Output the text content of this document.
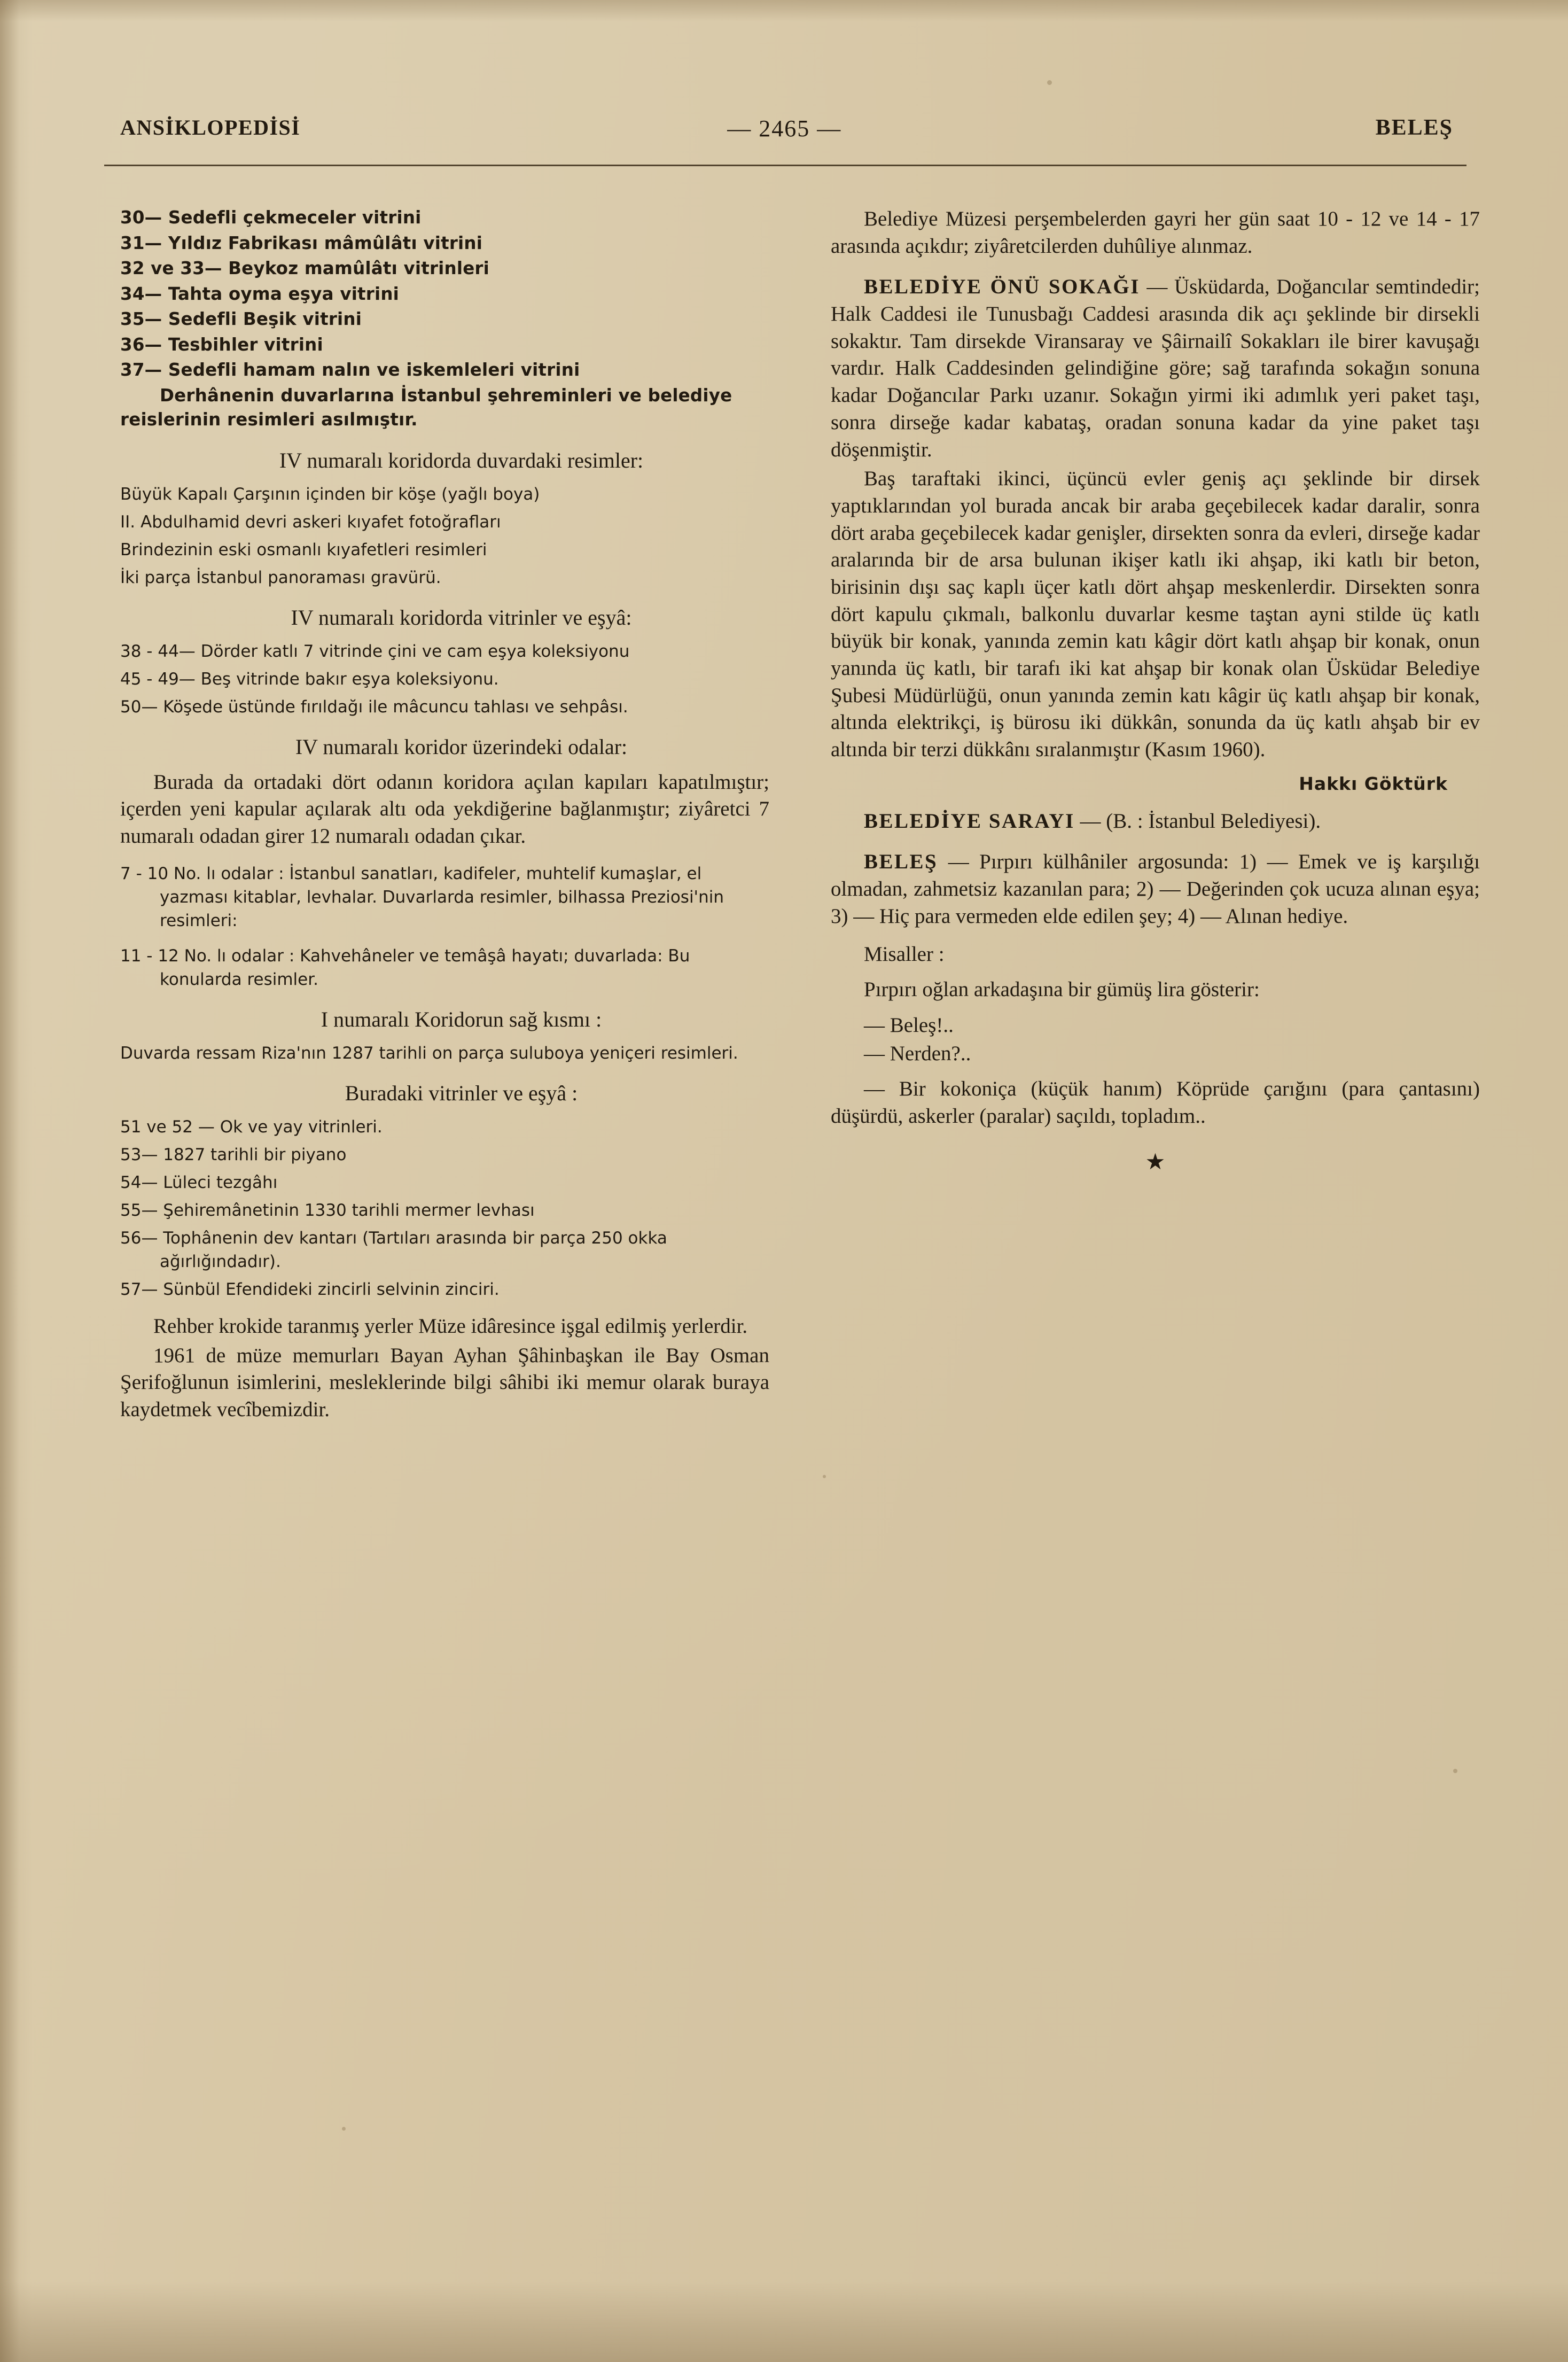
ANSİKLOPEDİSİ	— 2465 —	BELEŞ
30— Sedefli çekmeceler vitrini
31— Yıldız Fabrikası mâmûlâtı vitrini
32 ve 33— Beykoz mamûlâtı vitrinleri
34— Tahta oyma eşya vitrini
35— Sedefli Beşik vitrini
36— Tesbihler vitrini
37— Sedefli hamam nalın ve iskemleleri vitrini
Derhânenin duvarlarına İstanbul şehreminleri ve belediye reislerinin resimleri asılmıştır.
IV numaralı koridorda duvardaki resimler:
Büyük Kapalı Çarşının içinden bir köşe (yağlı boya)
II. Abdulhamid devri askeri kıyafet fotoğrafları
Brindezinin eski osmanlı kıyafetleri resimleri
İki parça İstanbul panoraması gravürü.
IV numaralı koridorda vitrinler ve eşyâ:
38 - 44— Dörder katlı 7 vitrinde çini ve cam eşya koleksiyonu
45 - 49— Beş vitrinde bakır eşya koleksiyonu.
50— Köşede üstünde fırıldağı ile mâcuncu tahlası ve sehpâsı.
IV numaralı koridor üzerindeki odalar:

Burada da ortadaki dört odanın koridora açılan kapıları kapatılmıştır; içerden yeni kapular açılarak altı oda yekdiğerine bağlanmıştır; ziyâretci 7 numaralı odadan girer 12 numaralı odadan çıkar.

7 - 10 No. lı odalar : İstanbul sanatları, kadifeler, muhtelif kumaşlar, el yazması kitablar, levhalar. Duvarlarda resimler, bilhassa Preziosi'nin resimleri:
11 - 12 No. lı odalar : Kahvehâneler ve temâşâ hayatı; duvarlada: Bu konularda resimler.
I numaralı Koridorun sağ kısmı :
Duvarda ressam Riza'nın 1287 tarihli on parça suluboya yeniçeri resimleri.
Buradaki vitrinler ve eşyâ :
51 ve 52 — Ok ve yay vitrinleri.
53— 1827 tarihli bir piyano
54— Lüleci tezgâhı
55— Şehiremânetinin 1330 tarihli mermer levhası
56— Tophânenin dev kantarı (Tartıları arasında bir parça 250 okka ağırlığındadır).
57— Sünbül Efendideki zincirli selvinin zinciri.

Rehber krokide taranmış yerler Müze idâresince işgal edilmiş yerlerdir.

1961 de müze memurları Bayan Ayhan Şâhinbaşkan ile Bay Osman Şerifoğlunun isimlerini, mesleklerinde bilgi sâhibi iki memur olarak buraya kaydetmek vecîbemizdir.

Belediye Müzesi perşembelerden gayri her gün saat 10 - 12 ve 14 - 17 arasında açıkdır; ziyâretcilerden duhûliye alınmaz.

BELEDİYE ÖNÜ SOKAĞI — Üsküdarda, Doğancılar semtindedir; Halk Caddesi ile Tunusbağı Caddesi arasında dik açı şeklinde bir dirsekli sokaktır. Tam dirsekde Viransaray ve Şâirnailî Sokakları ile birer kavuşağı vardır. Halk Caddesinden gelindiğine göre; sağ tarafında sokağın sonuna kadar Doğancılar Parkı uzanır. Sokağın yirmi iki adımlık yeri paket taşı, sonra dirseğe kadar kabataş, oradan sonuna kadar da yine paket taşı döşenmiştir.

Baş taraftaki ikinci, üçüncü evler geniş açı şeklinde bir dirsek yaptıklarından yol burada ancak bir araba geçebilecek kadar daralir, sonra dört araba geçebilecek kadar genişler, dirsekten sonra da evleri, dirseğe kadar aralarında bir de arsa bulunan ikişer katlı iki ahşap, iki katlı bir beton, birisinin dışı saç kaplı üçer katlı dört ahşap meskenlerdir. Dirsekten sonra dört kapulu çıkmalı, balkonlu duvarlar kesme taştan ayni stilde üç katlı büyük bir konak, yanında zemin katı kâgir dört katlı ahşap bir konak, onun yanında üç katlı, bir tarafı iki kat ahşap bir konak olan Üsküdar Belediye Şubesi Müdürlüğü, onun yanında zemin katı kâgir üç katlı ahşap bir konak, altında elektrikçi, iş bürosu iki dükkân, sonunda da üç katlı ahşab bir ev altında bir terzi dükkânı sıralanmıştır (Kasım 1960).

Hakkı Göktürk

BELEDİYE SARAYI — (B. : İstanbul Belediyesi).

BELEŞ — Pırpırı külhâniler argosunda: 1) — Emek ve iş karşılığı olmadan, zahmetsiz kazanılan para; 2) — Değerinden çok ucuza alınan eşya; 3) — Hiç para vermeden elde edilen şey; 4) — Alınan hediye.

Misaller :

Pırpırı oğlan arkadaşına bir gümüş lira gösterir:

— Beleş!..

— Nerden?..

— Bir kokoniça (küçük hanım) Köprüde çarığını (para çantasını) düşürdü, askerler (paralar) saçıldı, topladım..

★
